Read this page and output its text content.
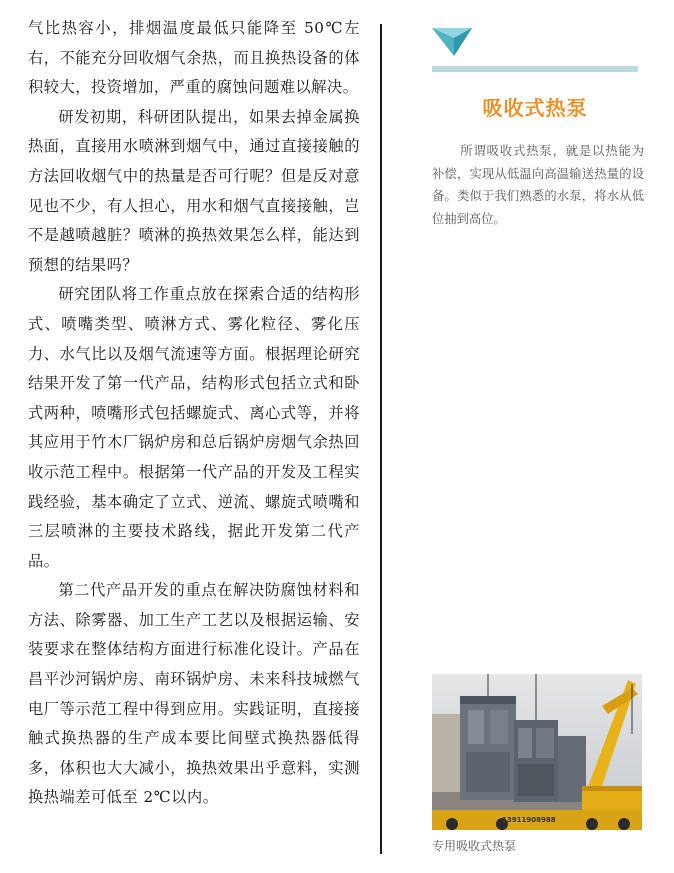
气比热容小，排烟温度最低只能降至 50℃左右，不能充分回收烟气余热，而且换热设备的体积较大，投资增加，严重的腐蚀问题难以解决。

研发初期，科研团队提出，如果去掉金属换热面，直接用水喷淋到烟气中，通过直接接触的方法回收烟气中的热量是否可行呢？但是反对意见也不少，有人担心，用水和烟气直接接触，岂不是越喷越脏？喷淋的换热效果怎么样，能达到预想的结果吗？

研究团队将工作重点放在探索合适的结构形式、喷嘴类型、喷淋方式、雾化粒径、雾化压力、水气比以及烟气流速等方面。根据理论研究结果开发了第一代产品，结构形式包括立式和卧式两种，喷嘴形式包括螺旋式、离心式等，并将其应用于竹木厂锅炉房和总后锅炉房烟气余热回收示范工程中。根据第一代产品的开发及工程实践经验，基本确定了立式、逆流、螺旋式喷嘴和三层喷淋的主要技术路线，据此开发第二代产品。

第二代产品开发的重点在解决防腐蚀材料和方法、除雾器、加工生产工艺以及根据运输、安装要求在整体结构方面进行标准化设计。产品在昌平沙河锅炉房、南环锅炉房、未来科技城燃气电厂等示范工程中得到应用。实践证明，直接接触式换热器的生产成本要比间壁式换热器低得多，体积也大大减小，换热效果出乎意料，实测换热端差可低至 2℃以内。

吸收式热泵

所谓吸收式热泵，就是以热能为补偿，实现从低温向高温输送热量的设备。类似于我们熟悉的水泵，将水从低位抽到高位。

13911908988
专用吸收式热泵
